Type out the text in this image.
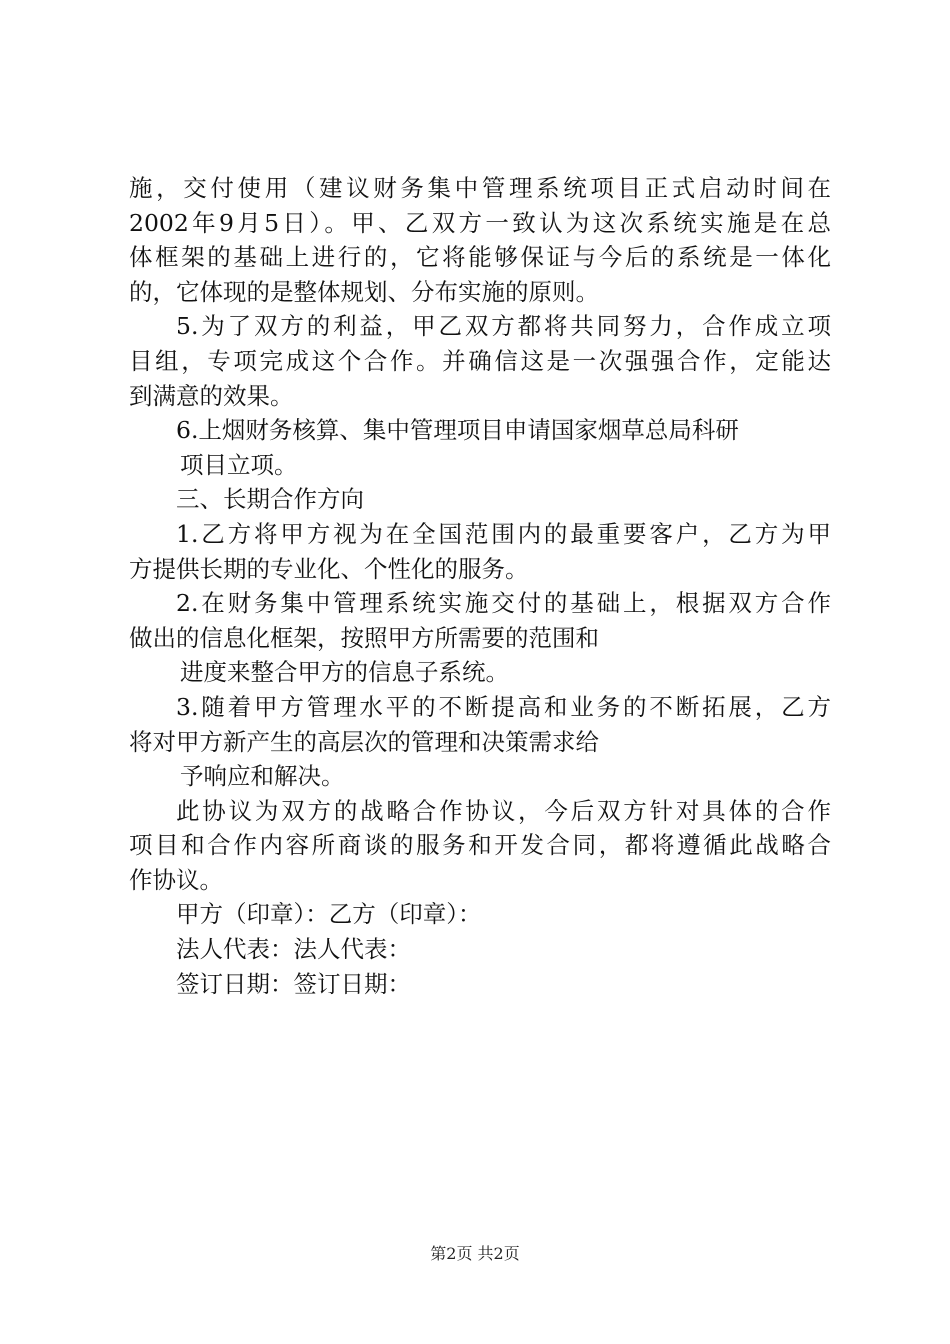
施，交付使用（建议财务集中管理系统项目正式启动时间在
2002年9月5日）。甲、乙双方一致认为这次系统实施是在总
体框架的基础上进行的，它将能够保证与今后的系统是一体化
的，它体现的是整体规划、分布实施的原则。
5.为了双方的利益，甲乙双方都将共同努力，合作成立项
目组，专项完成这个合作。并确信这是一次强强合作，定能达
到满意的效果。
6.上烟财务核算、集中管理项目申请国家烟草总局科研
项目立项。
三、长期合作方向
1.乙方将甲方视为在全国范围内的最重要客户，乙方为甲
方提供长期的专业化、个性化的服务。
2.在财务集中管理系统实施交付的基础上，根据双方合作
做出的信息化框架，按照甲方所需要的范围和
进度来整合甲方的信息子系统。
3.随着甲方管理水平的不断提高和业务的不断拓展，乙方
将对甲方新产生的高层次的管理和决策需求给
予响应和解决。
此协议为双方的战略合作协议，今后双方针对具体的合作
项目和合作内容所商谈的服务和开发合同，都将遵循此战略合
作协议。
甲方（印章）：乙方（印章）：
法人代表：法人代表：
签订日期：签订日期：
第2页 共2页
